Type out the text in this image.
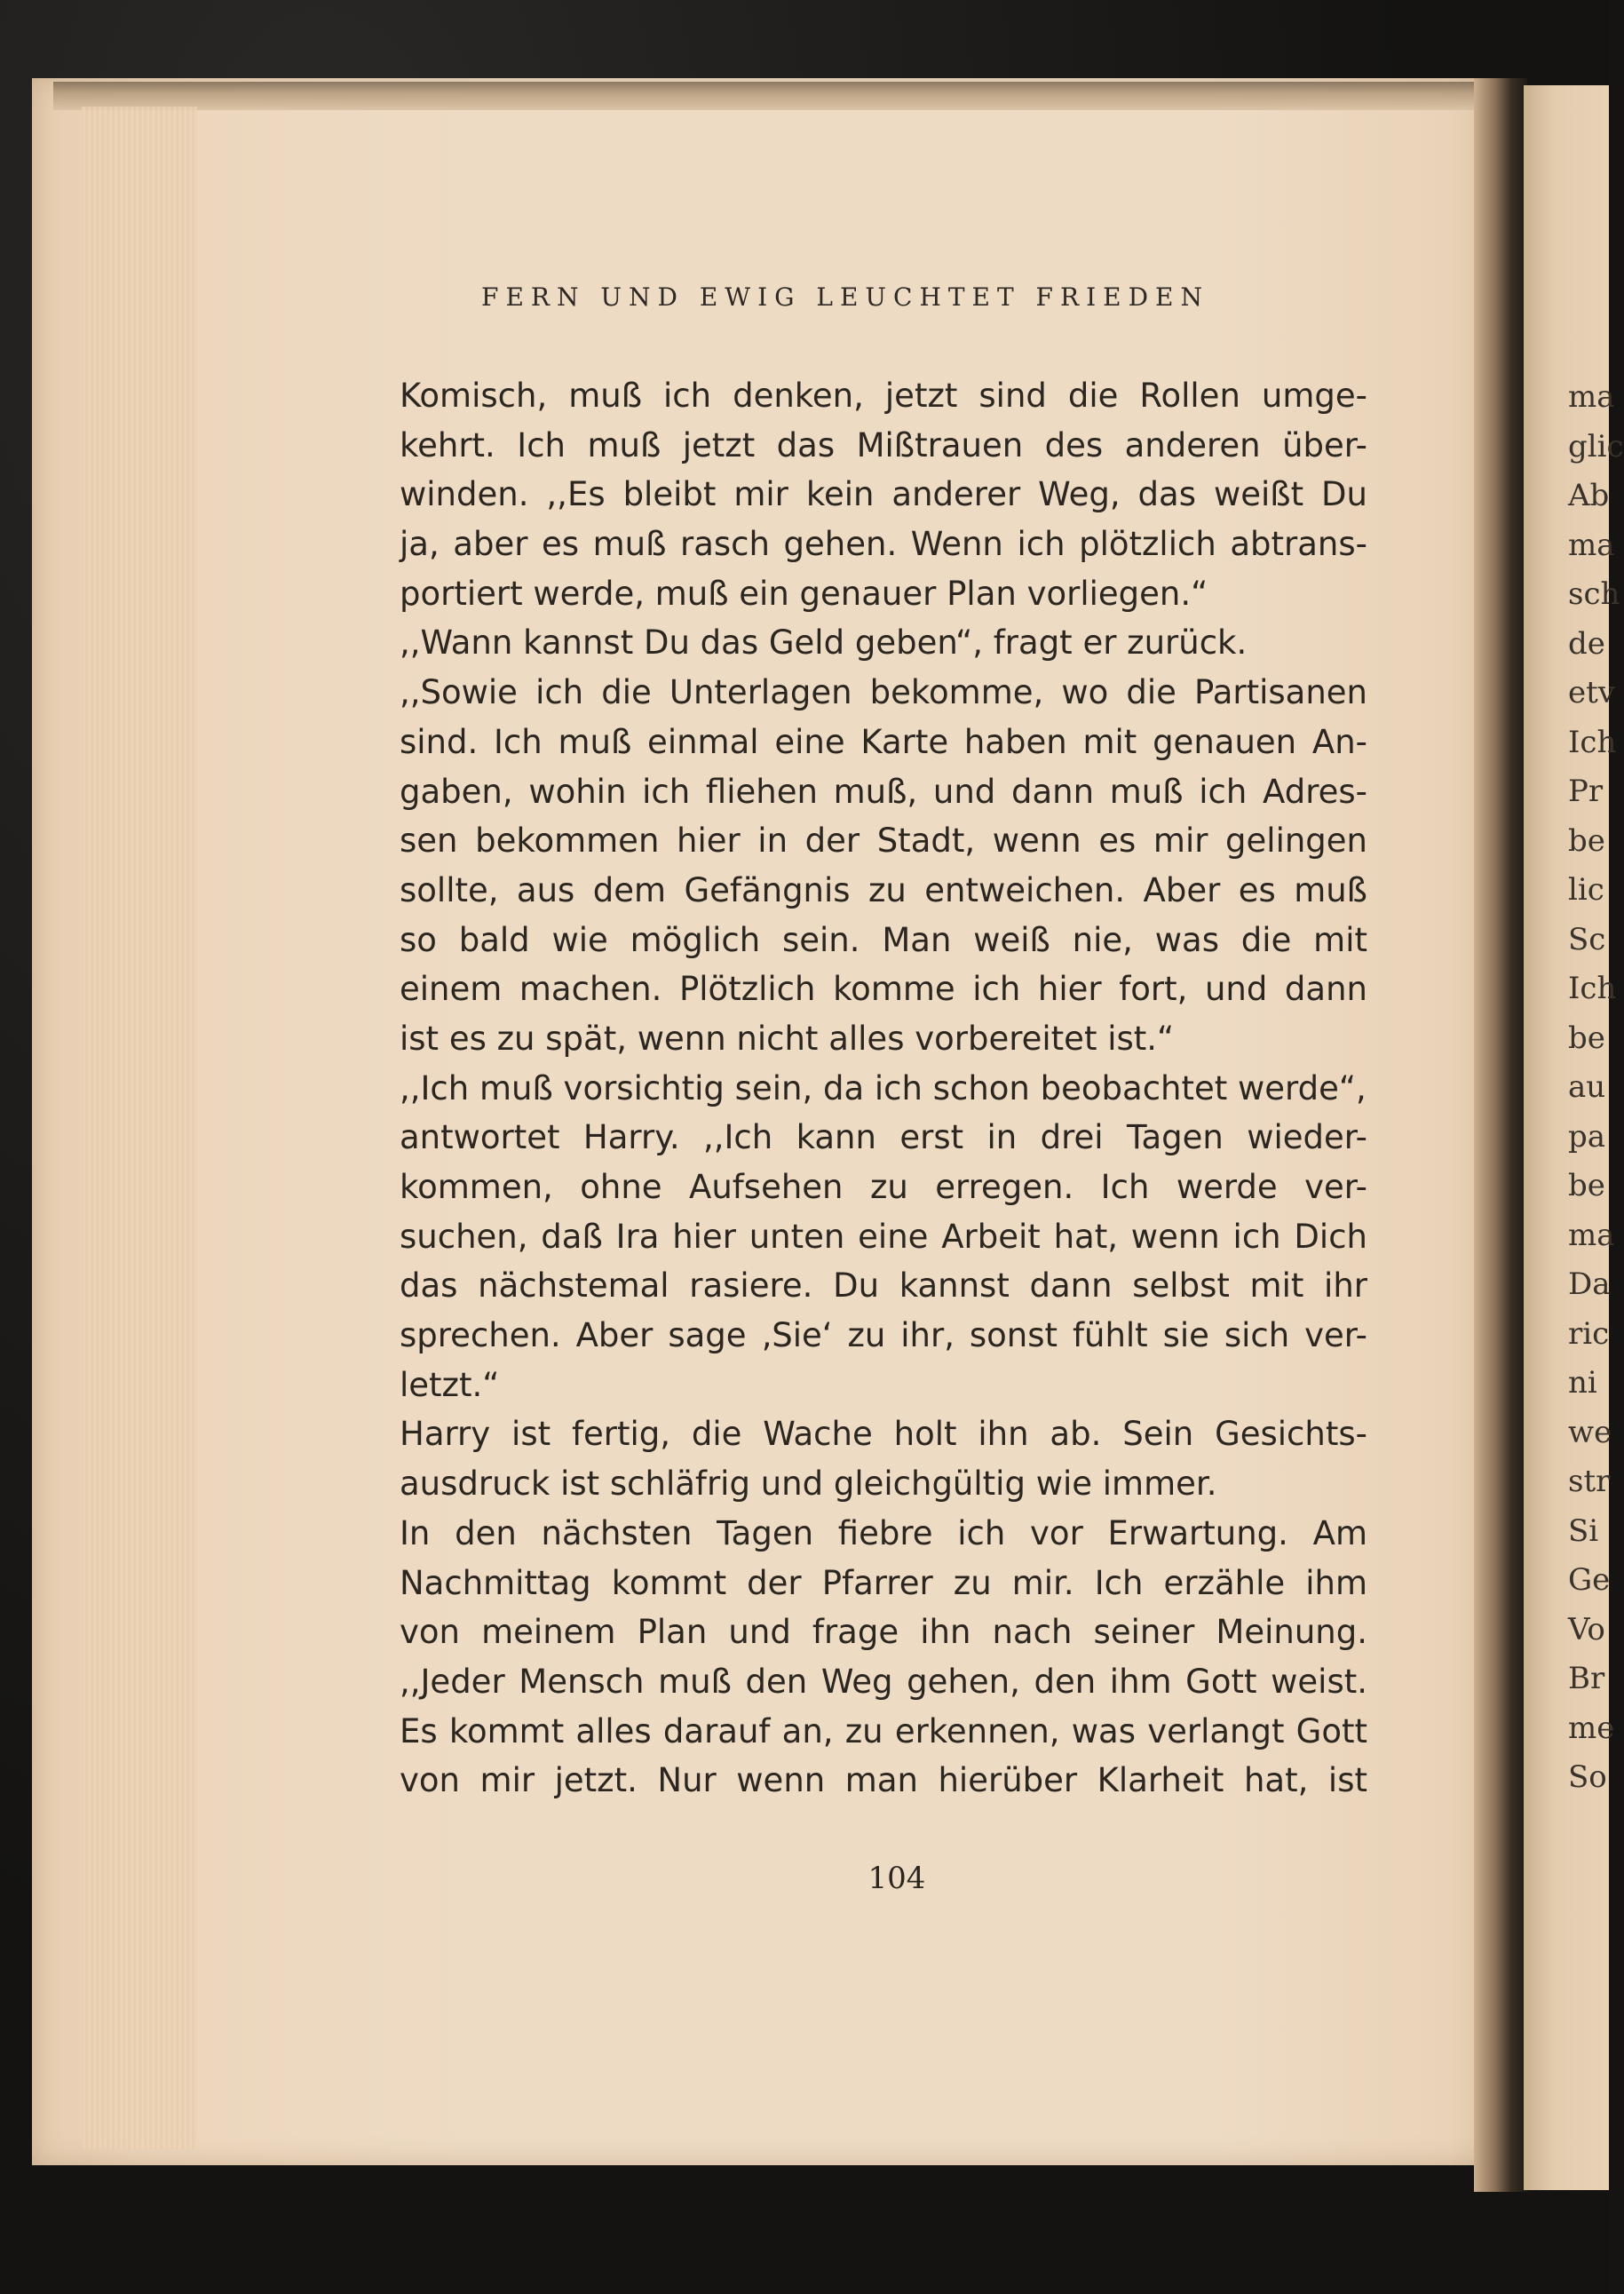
ma
glic
Ab
ma
sch
de
etv
Ich
Pr
be
lic
Sc
Ich
be
au
pa
be
ma
Da
ric
ni
we
str
Si
Ge
Vo
Br
me
So
FERN UND EWIG LEUCHTET FRIEDEN
Komisch, muß ich denken, jetzt sind die Rollen umge-
kehrt. Ich muß jetzt das Mißtrauen des anderen über-
winden. ,,Es bleibt mir kein anderer Weg, das weißt Du
ja, aber es muß rasch gehen. Wenn ich plötzlich abtrans-
portiert werde, muß ein genauer Plan vorliegen.“
,,Wann kannst Du das Geld geben“, fragt er zurück.
,,Sowie ich die Unterlagen bekomme, wo die Partisanen
sind. Ich muß einmal eine Karte haben mit genauen An-
gaben, wohin ich fliehen muß, und dann muß ich Adres-
sen bekommen hier in der Stadt, wenn es mir gelingen
sollte, aus dem Gefängnis zu entweichen. Aber es muß
so bald wie möglich sein. Man weiß nie, was die mit
einem machen. Plötzlich komme ich hier fort, und dann
ist es zu spät, wenn nicht alles vorbereitet ist.“
,,Ich muß vorsichtig sein, da ich schon beobachtet werde“,
antwortet Harry. ,,Ich kann erst in drei Tagen wieder-
kommen, ohne Aufsehen zu erregen. Ich werde ver-
suchen, daß Ira hier unten eine Arbeit hat, wenn ich Dich
das nächstemal rasiere. Du kannst dann selbst mit ihr
sprechen. Aber sage ‚Sie‘ zu ihr, sonst fühlt sie sich ver-
letzt.“
Harry ist fertig, die Wache holt ihn ab. Sein Gesichts-
ausdruck ist schläfrig und gleichgültig wie immer.
In den nächsten Tagen fiebre ich vor Erwartung. Am
Nachmittag kommt der Pfarrer zu mir. Ich erzähle ihm
von meinem Plan und frage ihn nach seiner Meinung.
,,Jeder Mensch muß den Weg gehen, den ihm Gott weist.
Es kommt alles darauf an, zu erkennen, was verlangt Gott
von mir jetzt. Nur wenn man hierüber Klarheit hat, ist
104
